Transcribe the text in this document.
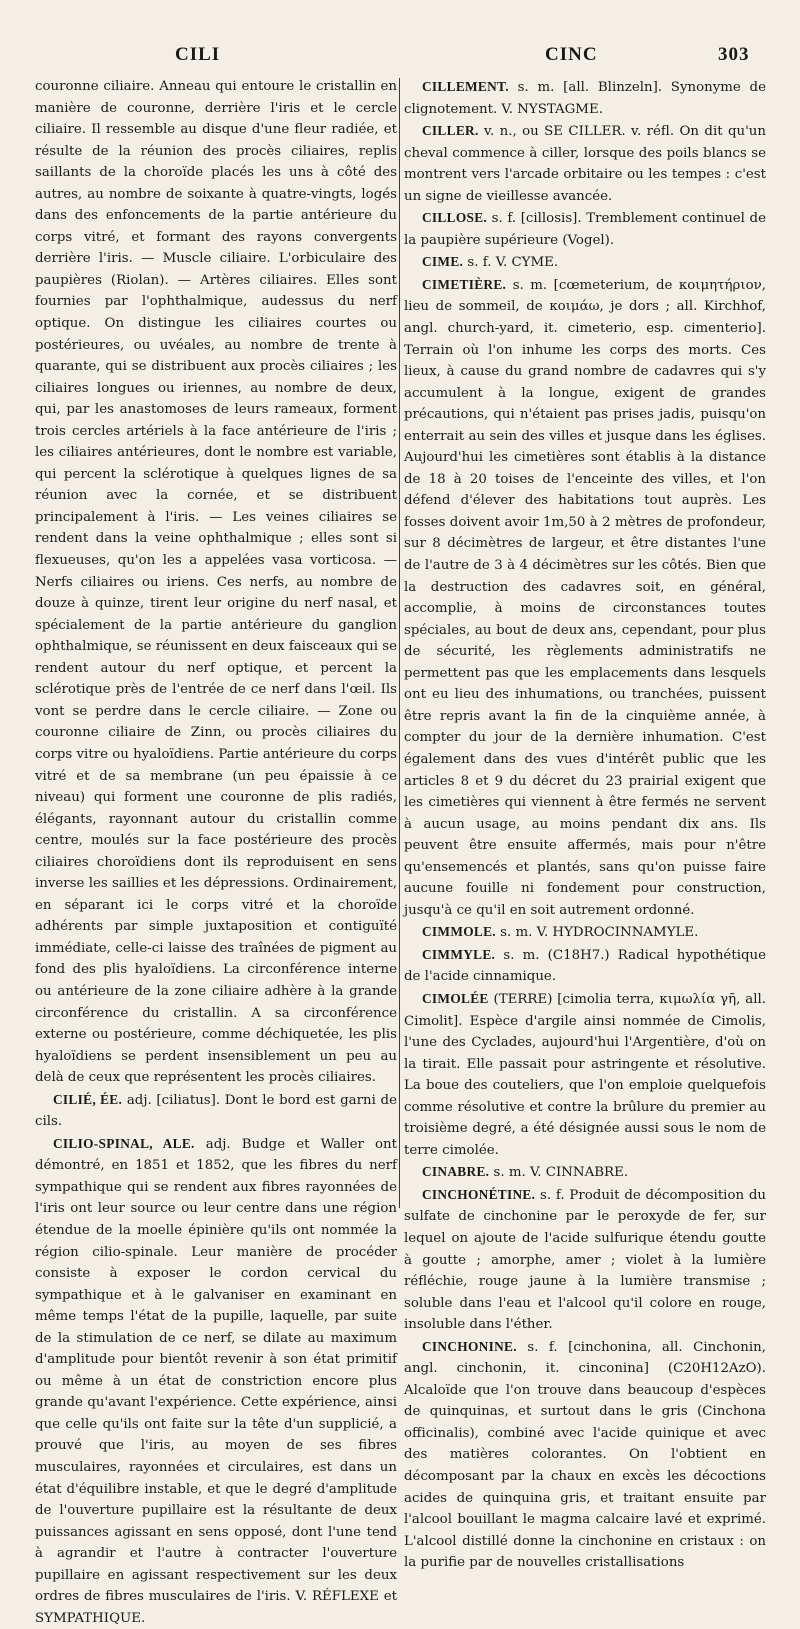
CILI	CINC	303

couronne ciliaire. Anneau qui entoure le cristallin en manière de couronne, derrière l'iris et le cercle ciliaire. Il ressemble au disque d'une fleur radiée, et résulte de la réunion des procès ciliaires, replis saillants de la choroïde placés les uns à côté des autres, au nombre de soixante à quatre-vingts, logés dans des enfoncements de la partie antérieure du corps vitré, et formant des rayons convergents derrière l'iris. — Muscle ciliaire. L'orbiculaire des paupières (Riolan). — Artères ciliaires. Elles sont fournies par l'ophthalmique, audessus du nerf optique. On distingue les ciliaires courtes ou postérieures, ou uvéales, au nombre de trente à quarante, qui se distribuent aux procès ciliaires ; les ciliaires longues ou iriennes, au nombre de deux, qui, par les anastomoses de leurs rameaux, forment trois cercles artériels à la face antérieure de l'iris ; les ciliaires antérieures, dont le nombre est variable, qui percent la sclérotique à quelques lignes de sa réunion avec la cornée, et se distribuent principalement à l'iris. — Les veines ciliaires se rendent dans la veine ophthalmique ; elles sont si flexueuses, qu'on les a appelées vasa vorticosa. — Nerfs ciliaires ou iriens. Ces nerfs, au nombre de douze à quinze, tirent leur origine du nerf nasal, et spécialement de la partie antérieure du ganglion ophthalmique, se réunissent en deux faisceaux qui se rendent autour du nerf optique, et percent la sclérotique près de l'entrée de ce nerf dans l'œil. Ils vont se perdre dans le cercle ciliaire. — Zone ou couronne ciliaire de Zinn, ou procès ciliaires du corps vitre ou hyaloïdiens. Partie antérieure du corps vitré et de sa membrane (un peu épaissie à ce niveau) qui forment une couronne de plis radiés, élégants, rayonnant autour du cristallin comme centre, moulés sur la face postérieure des procès ciliaires choroïdiens dont ils reproduisent en sens inverse les saillies et les dépressions. Ordinairement, en séparant ici le corps vitré et la choroïde adhérents par simple juxtaposition et contiguïté immédiate, celle-ci laisse des traînées de pigment au fond des plis hyaloïdiens. La circonférence interne ou antérieure de la zone ciliaire adhère à la grande circonférence du cristallin. A sa circonférence externe ou postérieure, comme déchiquetée, les plis hyaloïdiens se perdent insensiblement un peu au delà de ceux que représentent les procès ciliaires.

CILIÉ, ÉE. adj. [ciliatus]. Dont le bord est garni de cils.

CILIO-SPINAL, ALE. adj. Budge et Waller ont démontré, en 1851 et 1852, que les fibres du nerf sympathique qui se rendent aux fibres rayonnées de l'iris ont leur source ou leur centre dans une région étendue de la moelle épinière qu'ils ont nommée la région cilio-spinale. Leur manière de procéder consiste à exposer le cordon cervical du sympathique et à le galvaniser en examinant en même temps l'état de la pupille, laquelle, par suite de la stimulation de ce nerf, se dilate au maximum d'amplitude pour bientôt revenir à son état primitif ou même à un état de constriction encore plus grande qu'avant l'expérience. Cette expérience, ainsi que celle qu'ils ont faite sur la tête d'un supplicié, a prouvé que l'iris, au moyen de ses fibres musculaires, rayonnées et circulaires, est dans un état d'équilibre instable, et que le degré d'amplitude de l'ouverture pupillaire est la résultante de deux puissances agissant en sens opposé, dont l'une tend à agrandir et l'autre à contracter l'ouverture pupillaire en agissant respectivement sur les deux ordres de fibres musculaires de l'iris. V. RÉFLEXE et SYMPATHIQUE.

CILLEMENT. s. m. [all. Blinzeln]. Synonyme de clignotement. V. NYSTAGME.

CILLER. v. n., ou SE CILLER. v. réfl. On dit qu'un cheval commence à ciller, lorsque des poils blancs se montrent vers l'arcade orbitaire ou les tempes : c'est un signe de vieillesse avancée.

CILLOSE. s. f. [cillosis]. Tremblement continuel de la paupière supérieure (Vogel).

CIME. s. f. V. CYME.

CIMETIÈRE. s. m. [cœmeterium, de κοιμητήριον, lieu de sommeil, de κοιμάω, je dors ; all. Kirchhof, angl. church-yard, it. cimeterio, esp. cimenterio]. Terrain où l'on inhume les corps des morts. Ces lieux, à cause du grand nombre de cadavres qui s'y accumulent à la longue, exigent de grandes précautions, qui n'étaient pas prises jadis, puisqu'on enterrait au sein des villes et jusque dans les églises. Aujourd'hui les cimetières sont établis à la distance de 18 à 20 toises de l'enceinte des villes, et l'on défend d'élever des habitations tout auprès. Les fosses doivent avoir 1m,50 à 2 mètres de profondeur, sur 8 décimètres de largeur, et être distantes l'une de l'autre de 3 à 4 décimètres sur les côtés. Bien que la destruction des cadavres soit, en général, accomplie, à moins de circonstances toutes spéciales, au bout de deux ans, cependant, pour plus de sécurité, les règlements administratifs ne permettent pas que les emplacements dans lesquels ont eu lieu des inhumations, ou tranchées, puissent être repris avant la fin de la cinquième année, à compter du jour de la dernière inhumation. C'est également dans des vues d'intérêt public que les articles 8 et 9 du décret du 23 prairial exigent que les cimetières qui viennent à être fermés ne servent à aucun usage, au moins pendant dix ans. Ils peuvent être ensuite affermés, mais pour n'être qu'ensemencés et plantés, sans qu'on puisse faire aucune fouille ni fondement pour construction, jusqu'à ce qu'il en soit autrement ordonné.

CIMMOLE. s. m. V. HYDROCINNAMYLE.

CIMMYLE. s. m. (C18H7.) Radical hypothétique de l'acide cinnamique.

CIMOLÉE (TERRE) [cimolia terra, κιμωλία γῆ, all. Cimolit]. Espèce d'argile ainsi nommée de Cimolis, l'une des Cyclades, aujourd'hui l'Argentière, d'où on la tirait. Elle passait pour astringente et résolutive. La boue des couteliers, que l'on emploie quelquefois comme résolutive et contre la brûlure du premier au troisième degré, a été désignée aussi sous le nom de terre cimolée.

CINABRE. s. m. V. CINNABRE.

CINCHONÉTINE. s. f. Produit de décomposition du sulfate de cinchonine par le peroxyde de fer, sur lequel on ajoute de l'acide sulfurique étendu goutte à goutte ; amorphe, amer ; violet à la lumière réfléchie, rouge jaune à la lumière transmise ; soluble dans l'eau et l'alcool qu'il colore en rouge, insoluble dans l'éther.

CINCHONINE. s. f. [cinchonina, all. Cinchonin, angl. cinchonin, it. cinconina] (C20H12AzO). Alcaloïde que l'on trouve dans beaucoup d'espèces de quinquinas, et surtout dans le gris (Cinchona officinalis), combiné avec l'acide quinique et avec des matières colorantes. On l'obtient en décomposant par la chaux en excès les décoctions acides de quinquina gris, et traitant ensuite par l'alcool bouillant le magma calcaire lavé et exprimé. L'alcool distillé donne la cinchonine en cristaux : on la purifie par de nouvelles cristallisations
